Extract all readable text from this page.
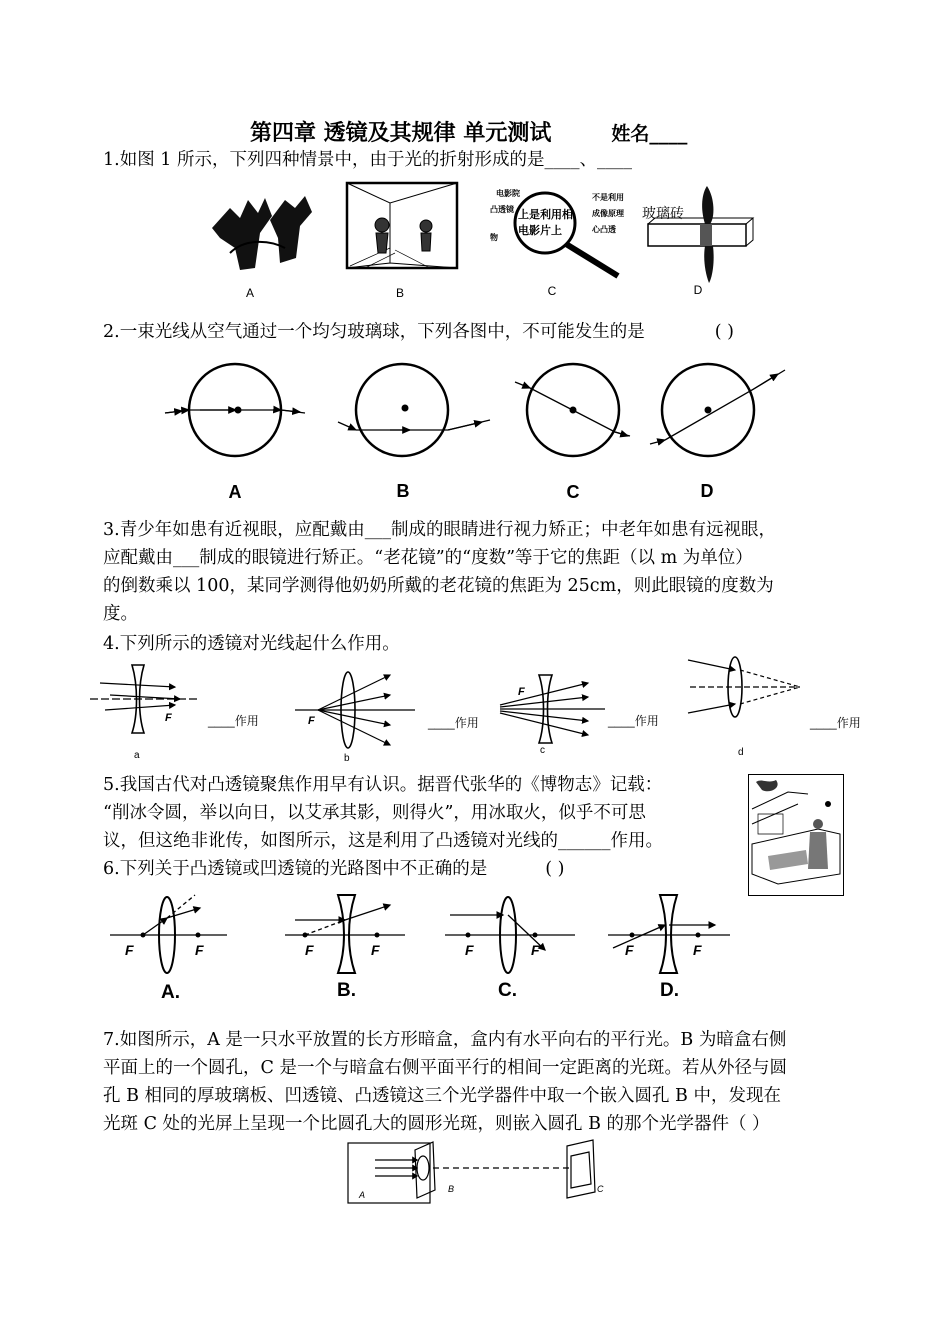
第四章 透镜及其规律 单元测试	姓名____
1.如图 1 所示，下列四种情景中，由于光的折射形成的是____、____
A	B
电影院	不是利用
凸透镜	成像原理
上是利用相
心凸透
物
电影片上
C
玻璃砖
D
2.一束光线从空气通过一个均匀玻璃球，下列各图中，不可能发生的是	( )
A	B	C	D
3.青少年如患有近视眼，应配戴由___制成的眼睛进行视力矫正；中老年如患有远视眼，
应配戴由___制成的眼镜进行矫正。“老花镜”的“度数”等于它的焦距（以 m 为单位）
的倒数乘以 100，某同学测得他奶奶所戴的老花镜的焦距为 25cm，则此眼镜的度数为
度。
4.下列所示的透镜对光线起什么作用。
F
a
____作用	F
b
____作用
F
c
____作用
d
____作用
5.我国古代对凸透镜聚焦作用早有认识。据晋代张华的《博物志》记载：
“削冰令圆，举以向日，以艾承其影，则得火”，用冰取火，似乎不可思
议，但这绝非讹传，如图所示，这是利用了凸透镜对光线的______作用。
6.下列关于凸透镜或凹透镜的光路图中不正确的是	( )
F	F	F	F	F	F	F	F
A.	B.	C.	D.
7.如图所示，A 是一只水平放置的长方形暗盒，盒内有水平向右的平行光。B 为暗盒右侧
平面上的一个圆孔，C 是一个与暗盒右侧平面平行的相间一定距离的光斑。若从外径与圆
孔 B 相同的厚玻璃板、凹透镜、凸透镜这三个光学器件中取一个嵌入圆孔 B 中，发现在
光斑 C 处的光屏上呈现一个比圆孔大的圆形光斑，则嵌入圆孔 B 的那个光学器件（ ）
A
B	C
